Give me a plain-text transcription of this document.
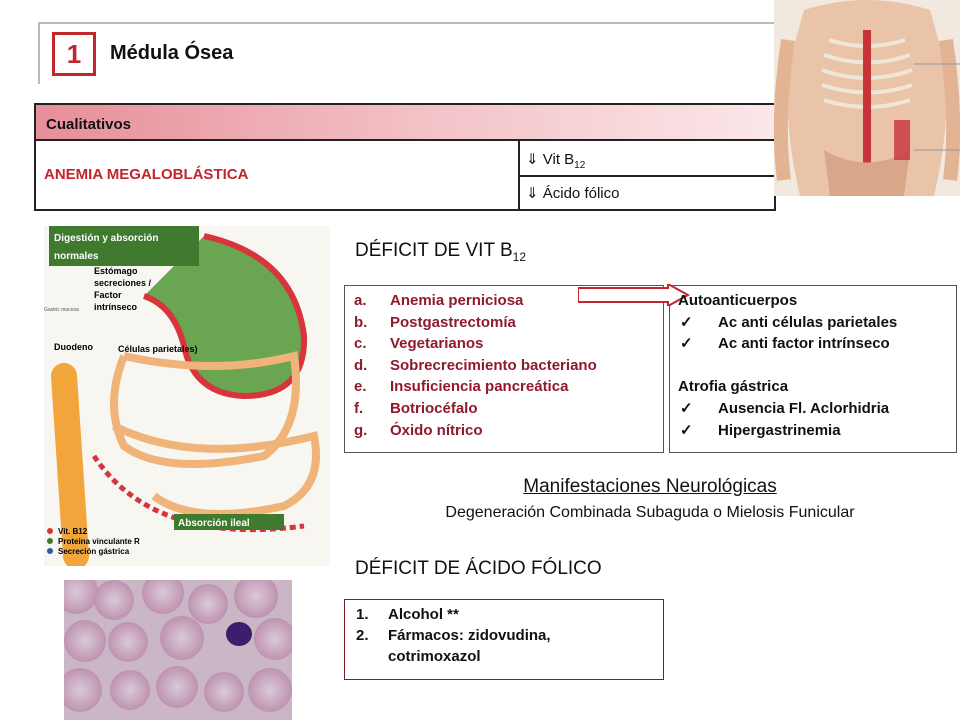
1	Médula Ósea
Cualitativos
ANEMIA MEGALOBLÁSTICA
⇓ Vit $B_{12}$
⇓ Ácido fólico
Digestión y absorción
normales
Estómago
secreciones /
Factor
intrínseco
Gastric mucosa
Duodeno	Células parietales)
Absorción ileal
Vit. B12
Proteina vinculante R
Secreción gástrica
DÉFICIT DE VIT $B_{12}$
a.	Anemia perniciosa
b.	Postgastrectomía
c.	Vegetarianos
d.	Sobrecrecimiento bacteriano
e.	Insuficiencia pancreática
f.	Botriocéfalo
g.	Óxido nítrico
Autoanticuerpos
✓	Ac anti células parietales
✓	Ac anti factor intrínseco
Atrofia gástrica
✓	Ausencia Fl. Aclorhidria
✓	Hipergastrinemia
Manifestaciones Neurológicas
Degeneración Combinada Subaguda o Mielosis Funicular
DÉFICIT DE ÁCIDO FÓLICO
1.	Alcohol **
2.	Fármacos: zidovudina, cotrimoxazol
